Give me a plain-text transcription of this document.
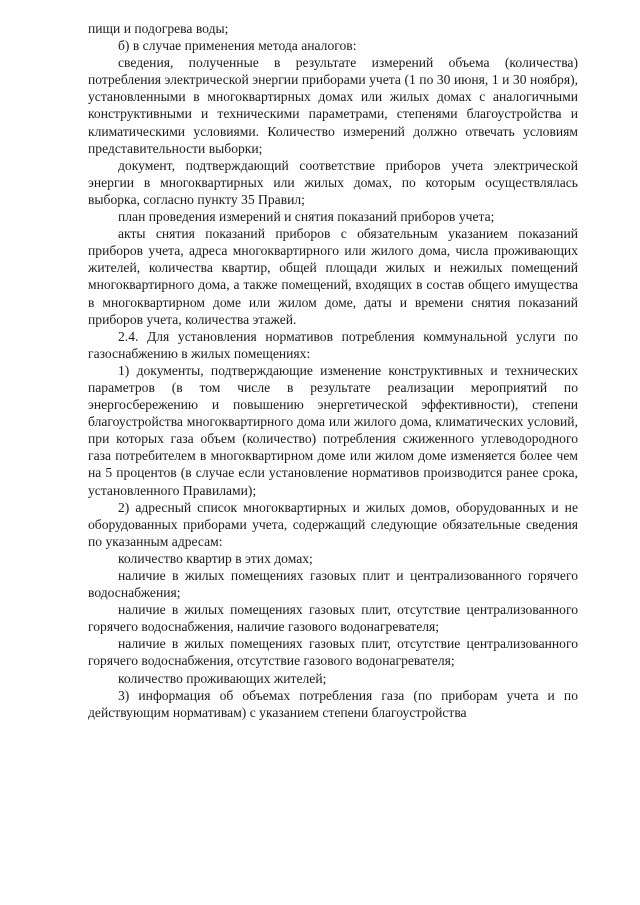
пищи и подогрева воды;

б) в случае применения метода аналогов:

сведения, полученные в результате измерений объема (количества) потребления электрической энергии приборами учета (1 по 30 июня, 1 и 30 ноября), установленными в многоквартирных домах или жилых домах с аналогичными конструктивными и техническими параметрами, степенями благоустройства и климатическими условиями. Количество измерений должно отвечать условиям представительности выборки;

документ, подтверждающий соответствие приборов учета электрической энергии в многоквартирных или жилых домах, по которым осуществлялась выборка, согласно пункту 35 Правил;

план проведения измерений и снятия показаний приборов учета;

акты снятия показаний приборов с обязательным указанием показаний приборов учета, адреса многоквартирного или жилого дома, числа проживающих жителей, количества квартир, общей площади жилых и нежилых помещений многоквартирного дома, а также помещений, входящих в состав общего имущества в многоквартирном доме или жилом доме, даты и времени снятия показаний приборов учета, количества этажей.

2.4. Для установления нормативов потребления коммунальной услуги по газоснабжению в жилых помещениях:

1) документы, подтверждающие изменение конструктивных и технических параметров (в том числе в результате реализации мероприятий по энергосбережению и повышению энергетической эффективности), степени благоустройства многоквартирного дома или жилого дома, климатических условий, при которых газа объем (количество) потребления сжиженного углеводородного газа потребителем в многоквартирном доме или жилом доме изменяется более чем на 5 процентов (в случае если установление нормативов производится ранее срока, установленного Правилами);

2) адресный список многоквартирных и жилых домов, оборудованных и не оборудованных приборами учета, содержащий следующие обязательные сведения по указанным адресам:

количество квартир в этих домах;

наличие в жилых помещениях газовых плит и централизованного горячего водоснабжения;

наличие в жилых помещениях газовых плит, отсутствие централизованного горячего водоснабжения, наличие газового водонагревателя;

наличие в жилых помещениях газовых плит, отсутствие централизованного горячего водоснабжения, отсутствие газового водонагревателя;

количество проживающих жителей;

3) информация об объемах потребления газа (по приборам учета и по действующим нормативам) с указанием степени благоустройства
